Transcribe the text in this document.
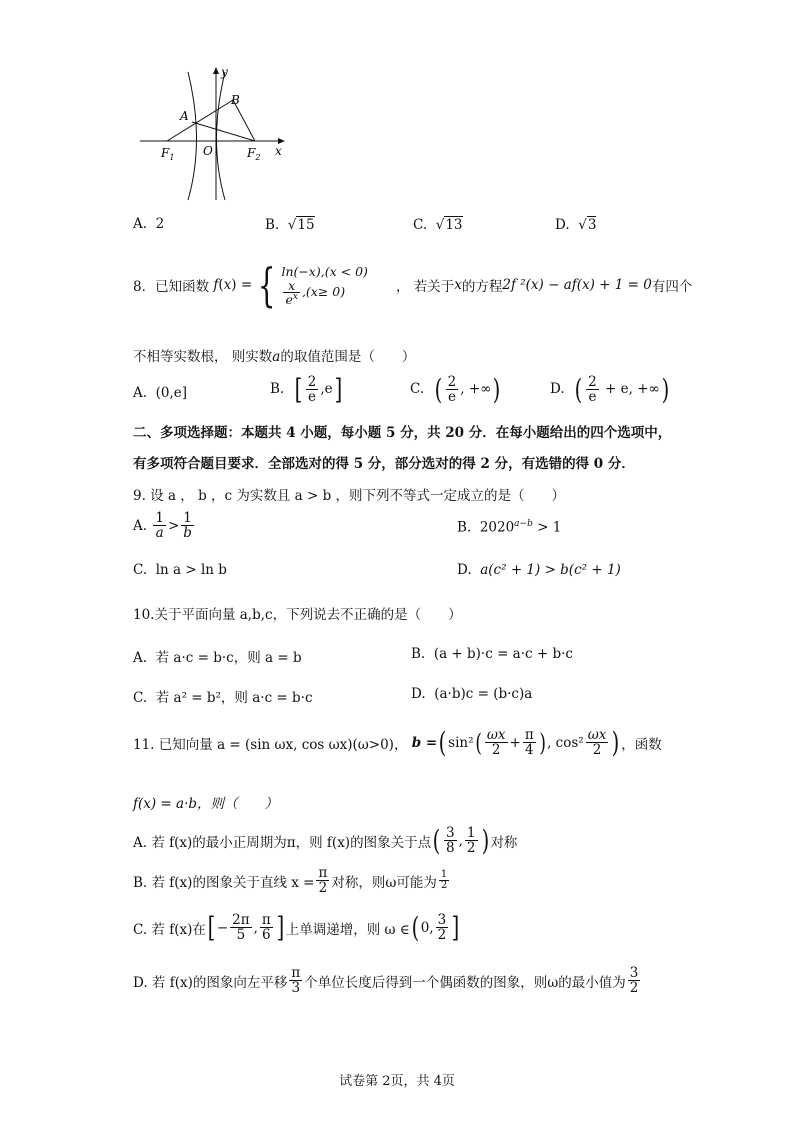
y
x
A
B
O
$F_1$	$F_2$
A. 2	B.  √15	C.  √13	D.  √3
8．已知函数
f ( x ) = { ln(−x),(x < 0)
$\frac{x}{e^x} ,(x\ge 0)$	， 若关于 x 的方程 2f ²(x) − af(x) + 1 = 0 有四个
不相等实数根， 则实数a的取值范围是（　　）
A. (0,e]	B. [ $\frac{2}{e} ,e$]	C. ( $\frac{2}{e}$ , +∞)	D. ( $\frac{2}{e} + e$, +∞)
二、多项选择题：本题共 4 小题，每小题 5 分，共 20 分．在每小题给出的四个选项中，
有多项符合题目要求．全部选对的得 5 分，部分选对的得 2 分，有选错的得 0 分．
9. 设 a ， b ，c 为实数且 a > b ，则下列不等式一定成立的是（　　）
A.
$\frac{1}{a} > \frac{1}{b}$	B. $2020^{a-b} > 1$
C. ln a > ln b	D. a(c² + 1) > b(c² + 1)
10.关于平面向量 a,b,c，下列说去不正确的是（　　）
A. 若 a·c = b·c，则 a = b	B. (a + b)·c = a·c + b·c
C. 若 a² = b²，则 a·c = b·c	D. (a·b)c = (b·c)a
11. 已知向量
a = (sin ωx, cos ωx)(ω>0)，
b = ( sin² ( $\frac{\omega x}{2} + \frac{\pi}{4}$ ) , $\cos^2 \frac{\omega x}{2}$ ) ，函数
f(x) = a·b，则（　　）
A. 若 f(x)的最小正周期为π，则 f(x)的图象关于点 ( $\frac{3}{8}$ , $\frac{1}{2}$ ) 对称
B. 若 f(x)的图象关于直线 $x = \frac{\pi}{2}$ 对称，则ω可能为 $\frac{1}{2}$
C. 若 f(x)在 [ − $\frac{2\pi}{5}$ , $\frac{\pi}{6}$ ] 上单调递增，则 ω ∈ ( 0, $\frac{3}{2}$ ]
D. 若 f(x)的图象向左平移 $\frac{\pi}{3}$ 个单位长度后得到一个偶函数的图象，则ω的最小值为 $\frac{3}{2}$
试卷第 2页，共 4页
